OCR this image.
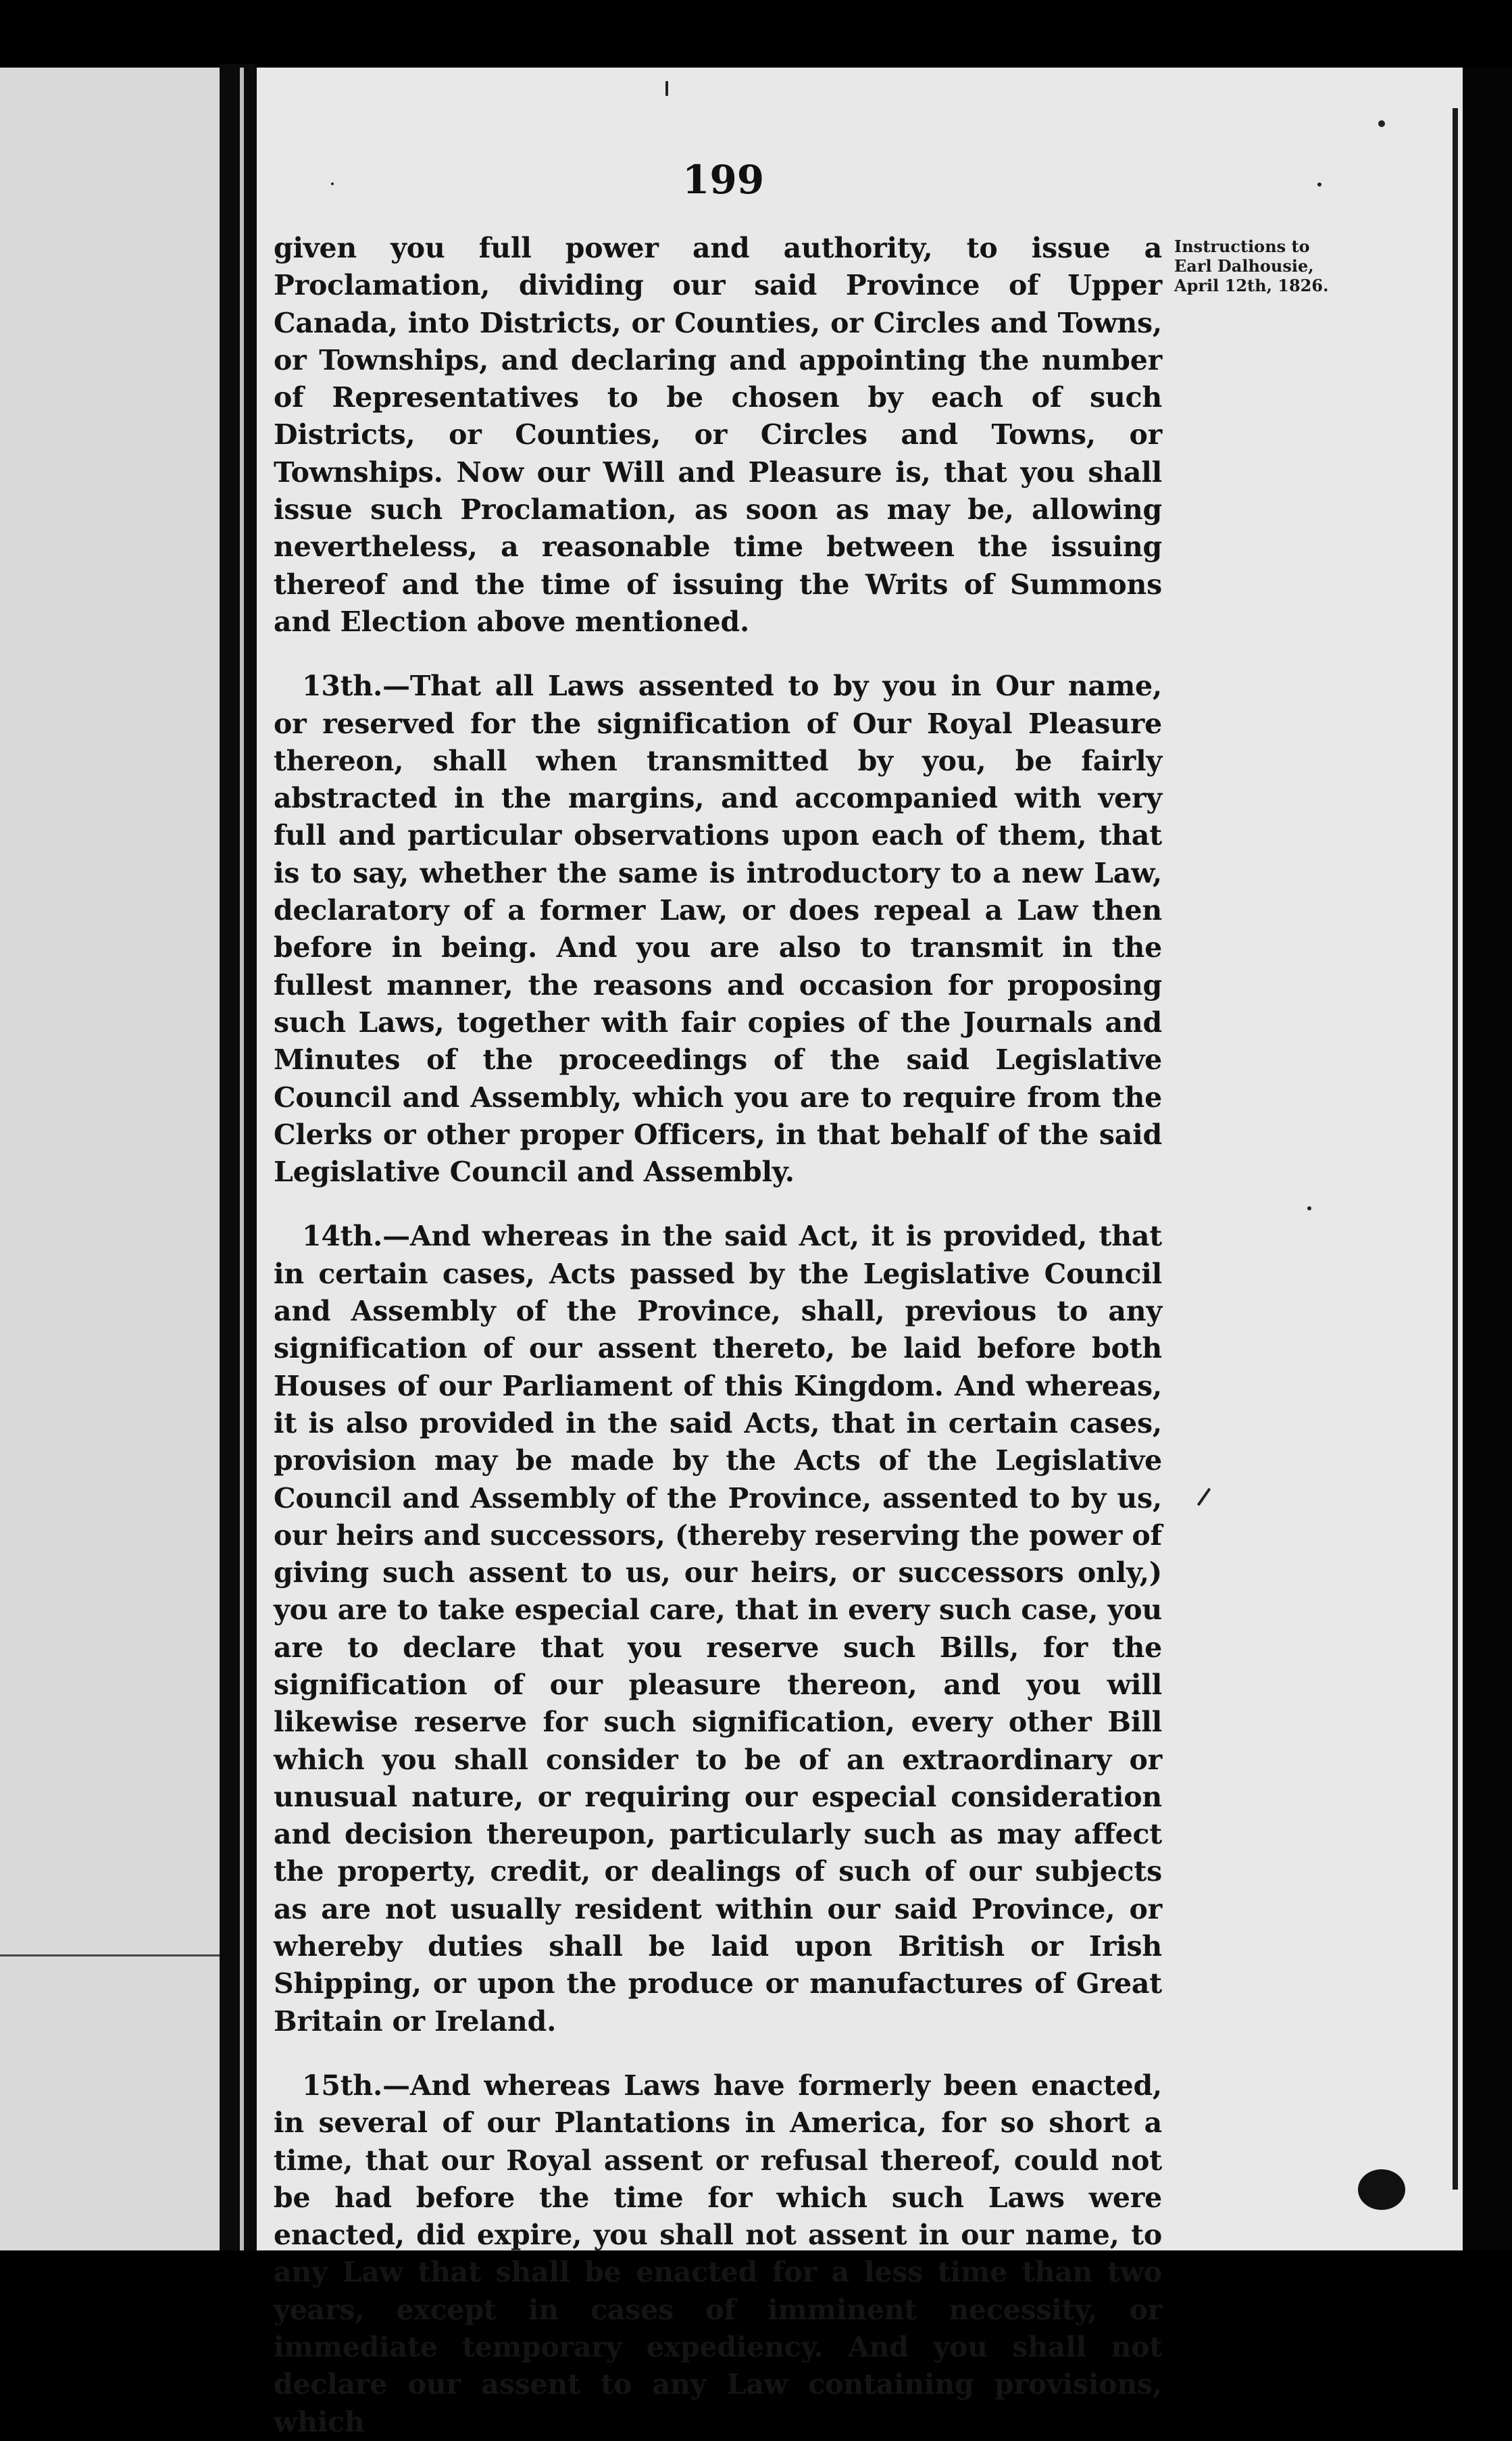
199
Instructions to
Earl Dalhousie,
April 12th, 1826.

given you full power and authority, to issue a Proclamation, dividing our said Province of Upper Canada, into Districts, or Counties, or Circles and Towns, or Townships, and declaring and appointing the number of Representatives to be chosen by each of such Districts, or Counties, or Circles and Towns, or Townships. Now our Will and Pleasure is, that you shall issue such Proclamation, as soon as may be, allowing nevertheless, a reasonable time between the issuing thereof and the time of issuing the Writs of Summons and Election above mentioned.

13th.—That all Laws assented to by you in Our name, or reserved for the signification of Our Royal Pleasure thereon, shall when transmitted by you, be fairly abstracted in the margins, and accompanied with very full and particular observations upon each of them, that is to say, whether the same is introductory to a new Law, declaratory of a former Law, or does repeal a Law then before in being. And you are also to transmit in the fullest manner, the reasons and occasion for proposing such Laws, together with fair copies of the Journals and Minutes of the proceedings of the said Legislative Council and Assembly, which you are to require from the Clerks or other proper Officers, in that behalf of the said Legislative Council and Assembly.

14th.—And whereas in the said Act, it is provided, that in certain cases, Acts passed by the Legislative Council and Assembly of the Province, shall, previous to any signification of our assent thereto, be laid before both Houses of our Parliament of this Kingdom. And whereas, it is also provided in the said Acts, that in certain cases, provision may be made by the Acts of the Legislative Council and Assembly of the Province, assented to by us, our heirs and successors, (thereby reserving the power of giving such assent to us, our heirs, or successors only,) you are to take especial care, that in every such case, you are to declare that you reserve such Bills, for the signification of our pleasure thereon, and you will likewise reserve for such signification, every other Bill which you shall consider to be of an extraordinary or unusual nature, or requiring our especial consideration and decision thereupon, particularly such as may affect the property, credit, or dealings of such of our subjects as are not usually resident within our said Province, or whereby duties shall be laid upon British or Irish Shipping, or upon the produce or manufactures of Great Britain or Ireland.

15th.—And whereas Laws have formerly been enacted, in several of our Plantations in America, for so short a time, that our Royal assent or refusal thereof, could not be had before the time for which such Laws were enacted, did expire, you shall not assent in our name, to any Law that shall be enacted for a less time than two years, except in cases of imminent necessity, or immediate temporary expediency. And you shall not declare our assent to any Law containing provisions, which
